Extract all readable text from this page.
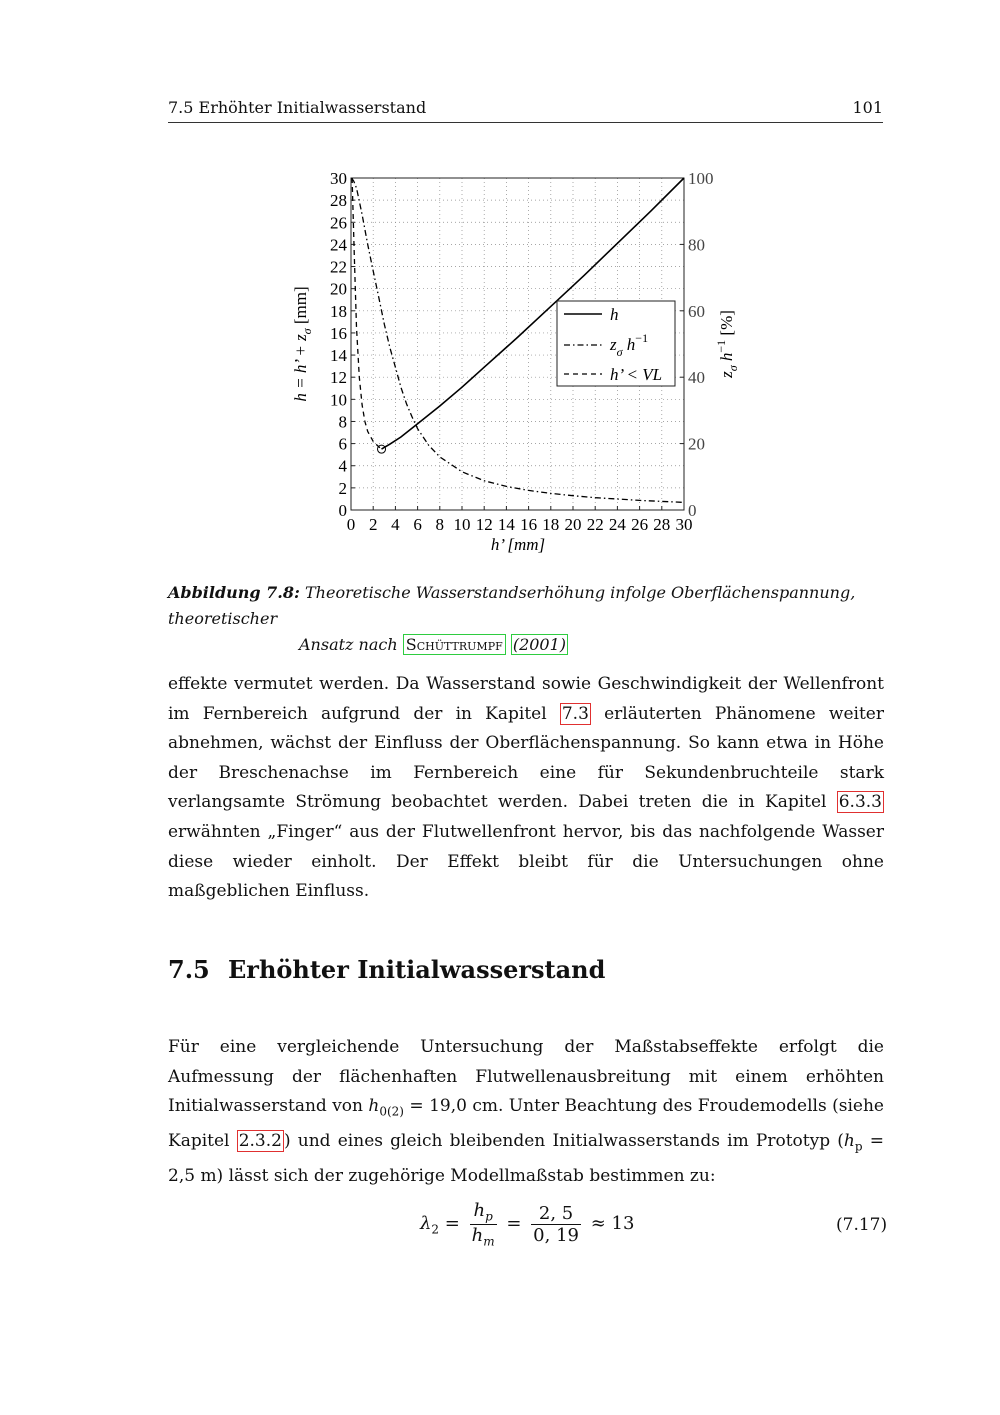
7.5 Erhöhter Initialwasserstand	101
0 2 4 6 8 10 12 14 16 18 20 22 24 26 28 30
0
2
4
6
8
10
12
14
16
18
20
22
24
26
28
30
0
20
40
60
80
100
h’ [mm]
h = h’ + $z_\sigma$ [mm]
$z_\sigma$ $h^{-1}$ [%]
h
$z_\sigma$ $h^{-1}$
h’ < VL
Abbildung 7.8: Theoretische Wasserstandserhöhung infolge Oberflächenspannung, theoretischer
Ansatz nach Schüttrumpf (2001)
effekte vermutet werden. Da Wasserstand sowie Geschwindigkeit der Wellenfront im Fernbereich aufgrund der in Kapitel 7.3 erläuterten Phänomene weiter abnehmen, wächst der Einfluss der Oberflächenspannung. So kann etwa in Höhe der Breschenachse im Fernbereich eine für Sekundenbruchteile stark verlangsamte Strömung beobachtet werden. Dabei treten die in Kapitel 6.3.3 erwähnten „Finger“ aus der Flutwellenfront hervor, bis das nachfolgende Wasser diese wieder einholt. Der Effekt bleibt für die Untersuchungen ohne maßgeblichen Einfluss.
7.5 Erhöhter Initialwasserstand
Für eine vergleichende Untersuchung der Maßstabseffekte erfolgt die Aufmessung der flächenhaften Flutwellenausbreitung mit einem erhöhten Initialwasserstand von $h_{0(2)} = 19,0$ cm. Unter Beachtung des Froudemodells (siehe Kapitel 2.3.2 ) und eines gleich bleibenden Initialwasserstands im Prototyp ($h_p = 2,5$ m) lässt sich der zugehörige Modellmaßstab bestimmen zu:
$\lambda_2 = \frac{h_p}{h_m} = \frac{2, 5}{0, 19} \approx 13$	(7.17)
